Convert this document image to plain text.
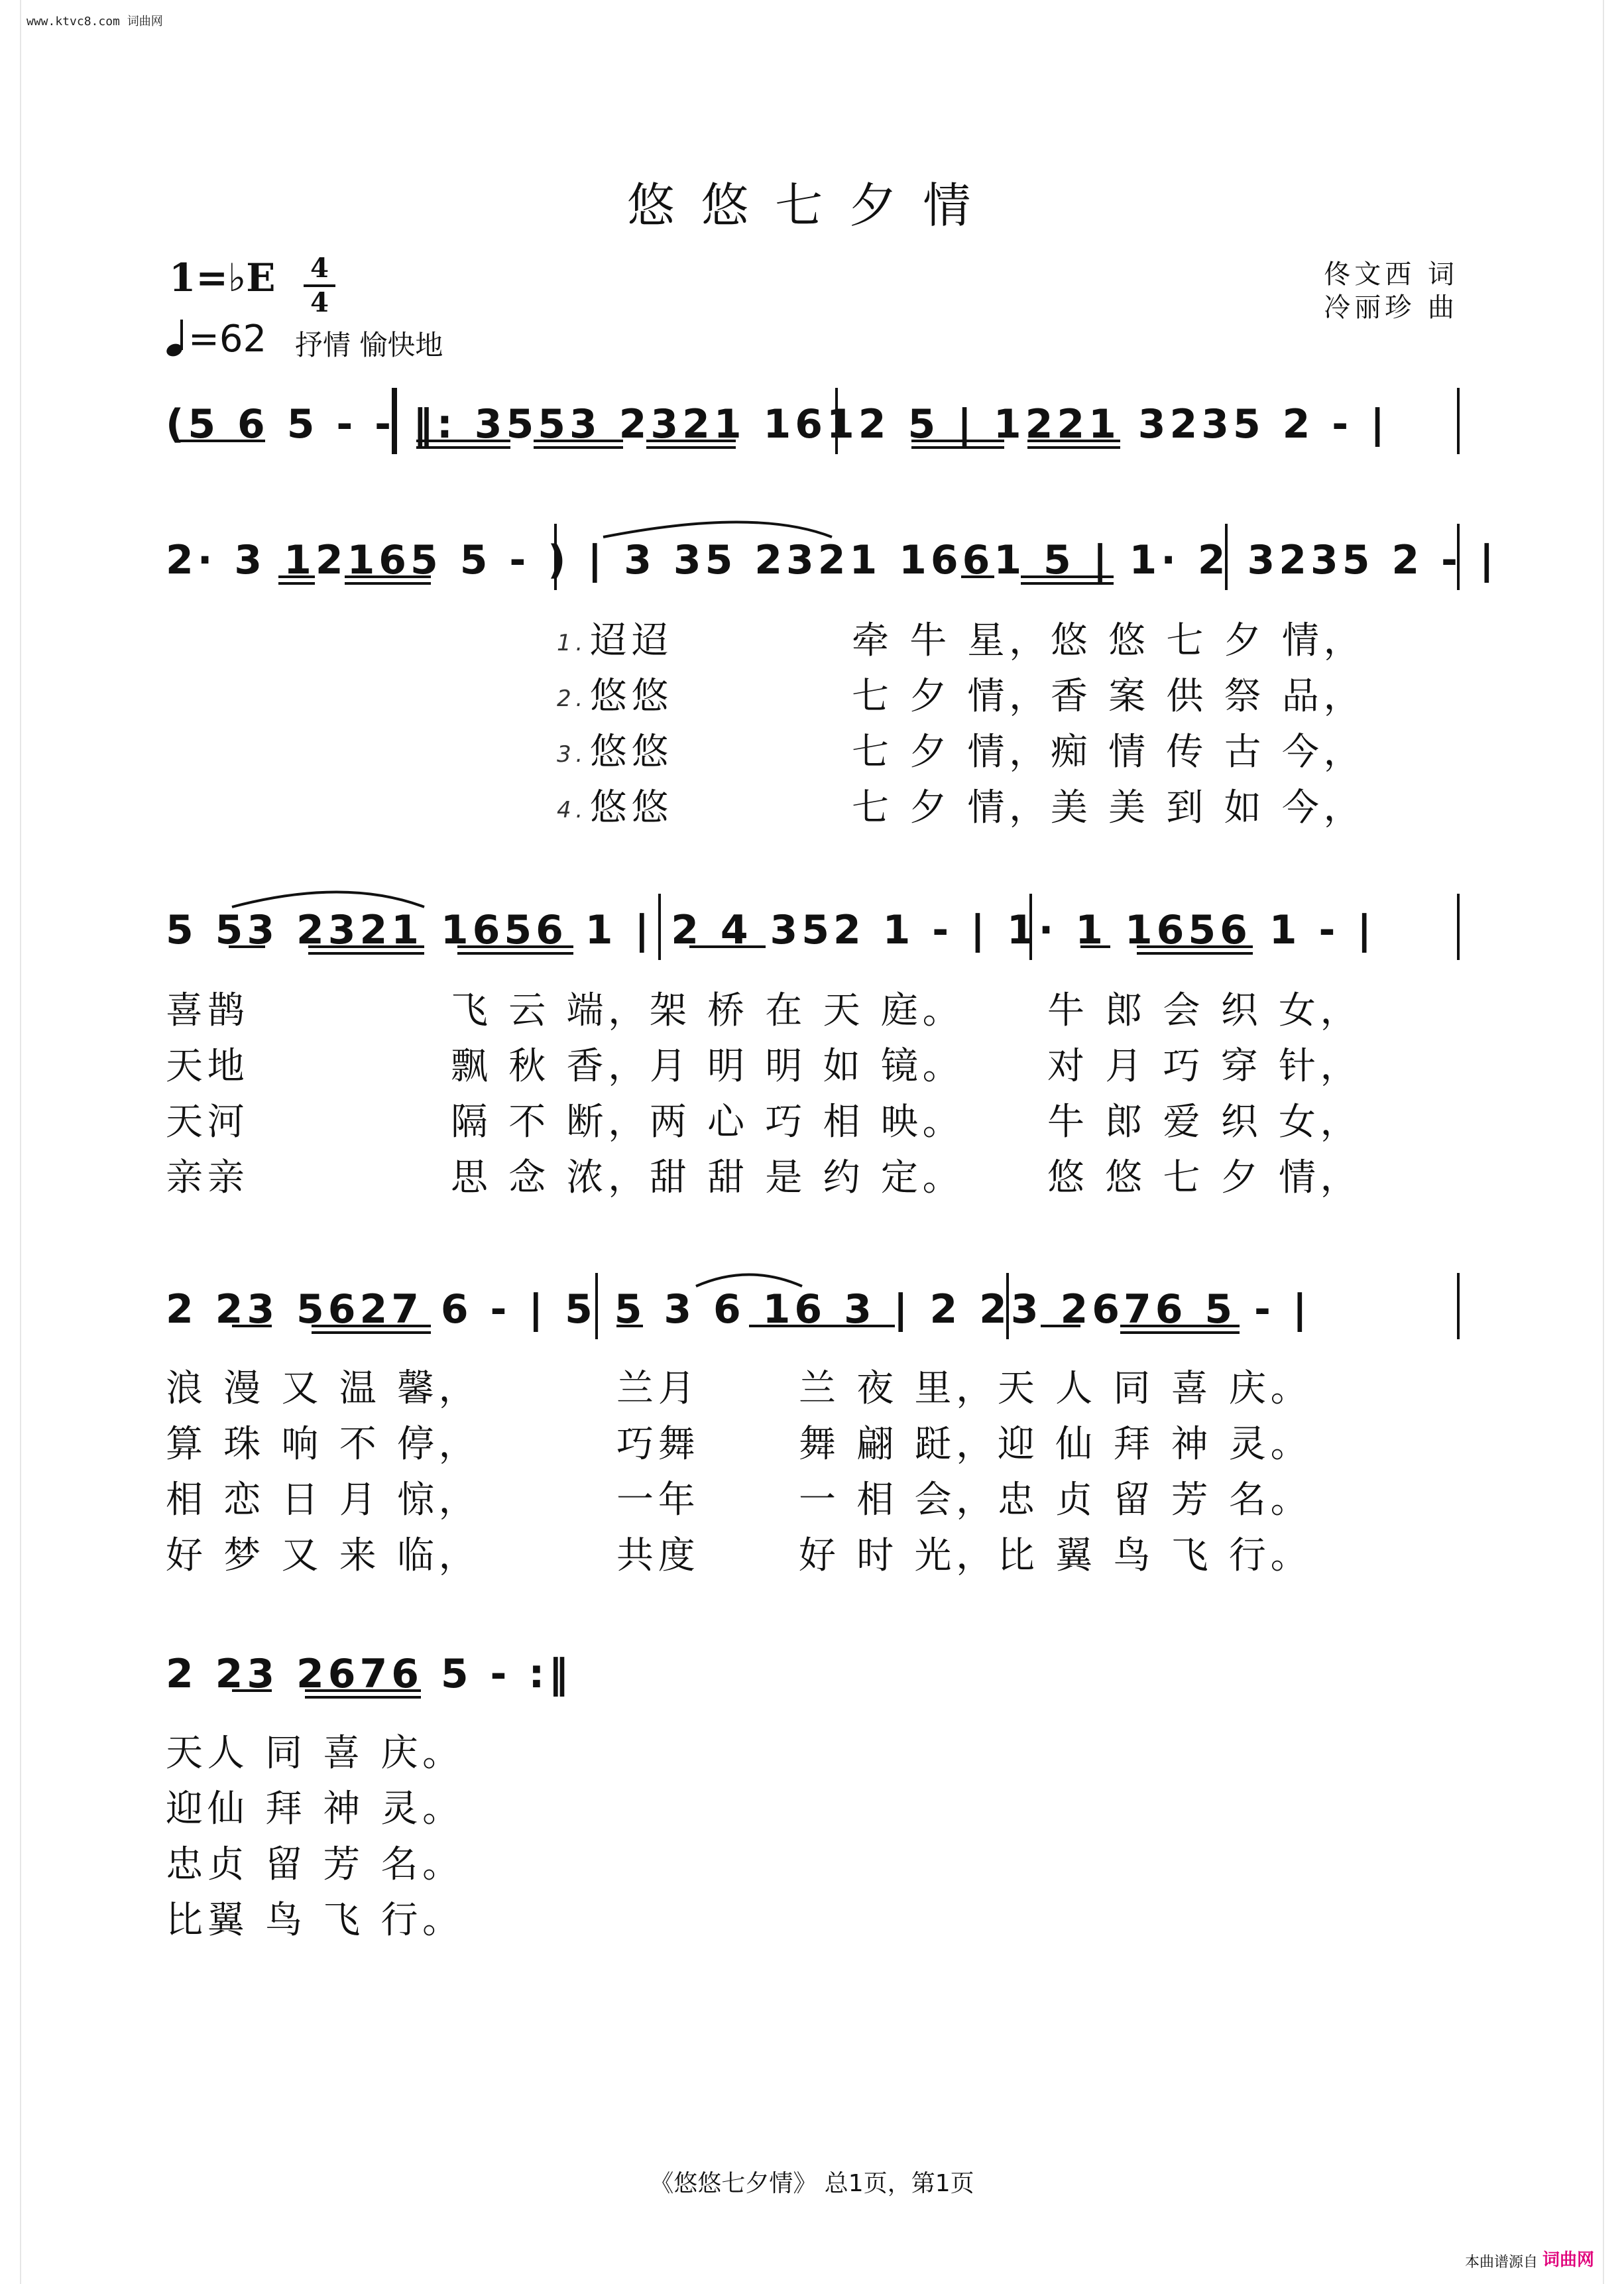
www.ktvc8.com 词曲网
悠悠七夕情
1=♭E 4
4
=62 抒情 愉快地
佟文西 词
冷丽珍 曲
(5 6 5 - - ‖: 3553 2321 1612 5 | 1221 3235 2 - |
2· 3 12165 5 - ) | 3 35 2321 1661 5 | 1· 2 3235 2 - |
1.迢迢	牵 牛 星，悠 悠 七 夕 情，
2.悠悠	七 夕 情，香 案 供 祭 品，
3.悠悠	七 夕 情，痴 情 传 古 今，
4.悠悠	七 夕 情，美 美 到 如 今，
5 53 2321 1656 1 | 2 4 352 1 - | 1· 1 1656 1 - |
喜鹊	飞 云 端，架 桥 在 天 庭。 牛 郎 会 织 女，
天地	飘 秋 香，月 明 明 如 镜。 对 月 巧 穿 针，
天河	隔 不 断，两 心 巧 相 映。 牛 郎 爱 织 女，
亲亲	思 念 浓，甜 甜 是 约 定。 悠 悠 七 夕 情，
2 23 5627 6 - | 5 5 3 6 16 3 | 2 23 2676 5 - |
浪 漫 又 温 馨，	兰月	兰 夜 里，天 人 同 喜 庆。
算 珠 响 不 停，	巧舞	舞 翩 跹，迎 仙 拜 神 灵。
相 恋 日 月 惊，	一年	一 相 会，忠 贞 留 芳 名。
好 梦 又 来 临，	共度	好 时 光，比 翼 鸟 飞 行。
2 23 2676 5 - :‖
天人 同 喜 庆。
迎仙 拜 神 灵。
忠贞 留 芳 名。
比翼 鸟 飞 行。
《悠悠七夕情》 总1页，第1页
本曲谱源自 词曲网
